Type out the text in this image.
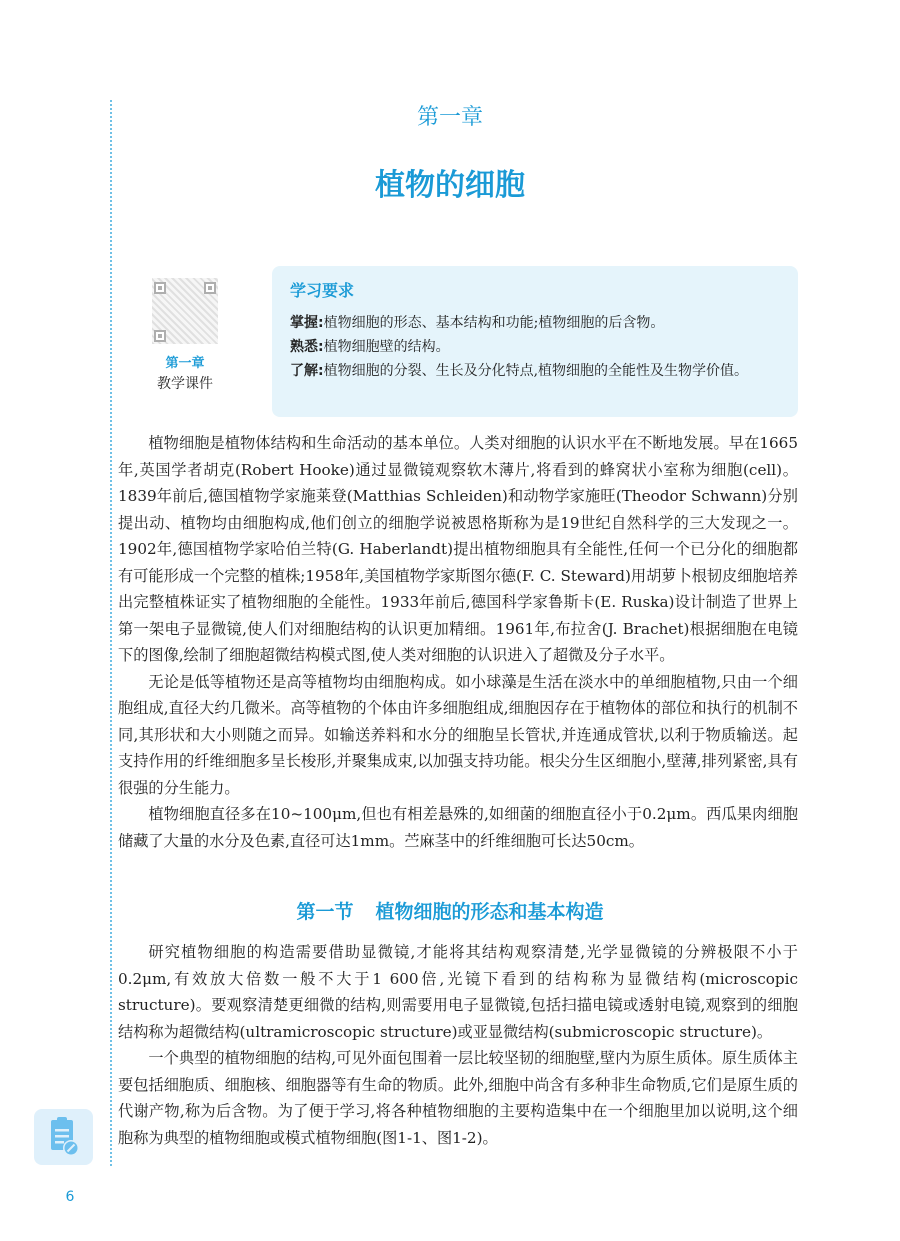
第一章
植物的细胞
第一章
教学课件
学习要求
掌握:植物细胞的形态、基本结构和功能;植物细胞的后含物。
熟悉:植物细胞壁的结构。
了解:植物细胞的分裂、生长及分化特点,植物细胞的全能性及生物学价值。

植物细胞是植物体结构和生命活动的基本单位。人类对细胞的认识水平在不断地发展。早在1665年,英国学者胡克(Robert Hooke)通过显微镜观察软木薄片,将看到的蜂窝状小室称为细胞(cell)。1839年前后,德国植物学家施莱登(Matthias Schleiden)和动物学家施旺(Theodor Schwann)分别提出动、植物均由细胞构成,他们创立的细胞学说被恩格斯称为是19世纪自然科学的三大发现之一。1902年,德国植物学家哈伯兰特(G. Haberlandt)提出植物细胞具有全能性,任何一个已分化的细胞都有可能形成一个完整的植株;1958年,美国植物学家斯图尔德(F. C. Steward)用胡萝卜根韧皮细胞培养出完整植株证实了植物细胞的全能性。1933年前后,德国科学家鲁斯卡(E. Ruska)设计制造了世界上第一架电子显微镜,使人们对细胞结构的认识更加精细。1961年,布拉舍(J. Brachet)根据细胞在电镜下的图像,绘制了细胞超微结构模式图,使人类对细胞的认识进入了超微及分子水平。

无论是低等植物还是高等植物均由细胞构成。如小球藻是生活在淡水中的单细胞植物,只由一个细胞组成,直径大约几微米。高等植物的个体由许多细胞组成,细胞因存在于植物体的部位和执行的机制不同,其形状和大小则随之而异。如输送养料和水分的细胞呈长管状,并连通成管状,以利于物质输送。起支持作用的纤维细胞多呈长梭形,并聚集成束,以加强支持功能。根尖分生区细胞小,壁薄,排列紧密,具有很强的分生能力。

植物细胞直径多在10~100μm,但也有相差悬殊的,如细菌的细胞直径小于0.2μm。西瓜果肉细胞储藏了大量的水分及色素,直径可达1mm。苎麻茎中的纤维细胞可长达50cm。

第一节 植物细胞的形态和基本构造

研究植物细胞的构造需要借助显微镜,才能将其结构观察清楚,光学显微镜的分辨极限不小于0.2μm,有效放大倍数一般不大于1 600倍,光镜下看到的结构称为显微结构(microscopic structure)。要观察清楚更细微的结构,则需要用电子显微镜,包括扫描电镜或透射电镜,观察到的细胞结构称为超微结构(ultramicroscopic structure)或亚显微结构(submicroscopic structure)。

一个典型的植物细胞的结构,可见外面包围着一层比较坚韧的细胞壁,壁内为原生质体。原生质体主要包括细胞质、细胞核、细胞器等有生命的物质。此外,细胞中尚含有多种非生命物质,它们是原生质的代谢产物,称为后含物。为了便于学习,将各种植物细胞的主要构造集中在一个细胞里加以说明,这个细胞称为典型的植物细胞或模式植物细胞(图1-1、图1-2)。

6
